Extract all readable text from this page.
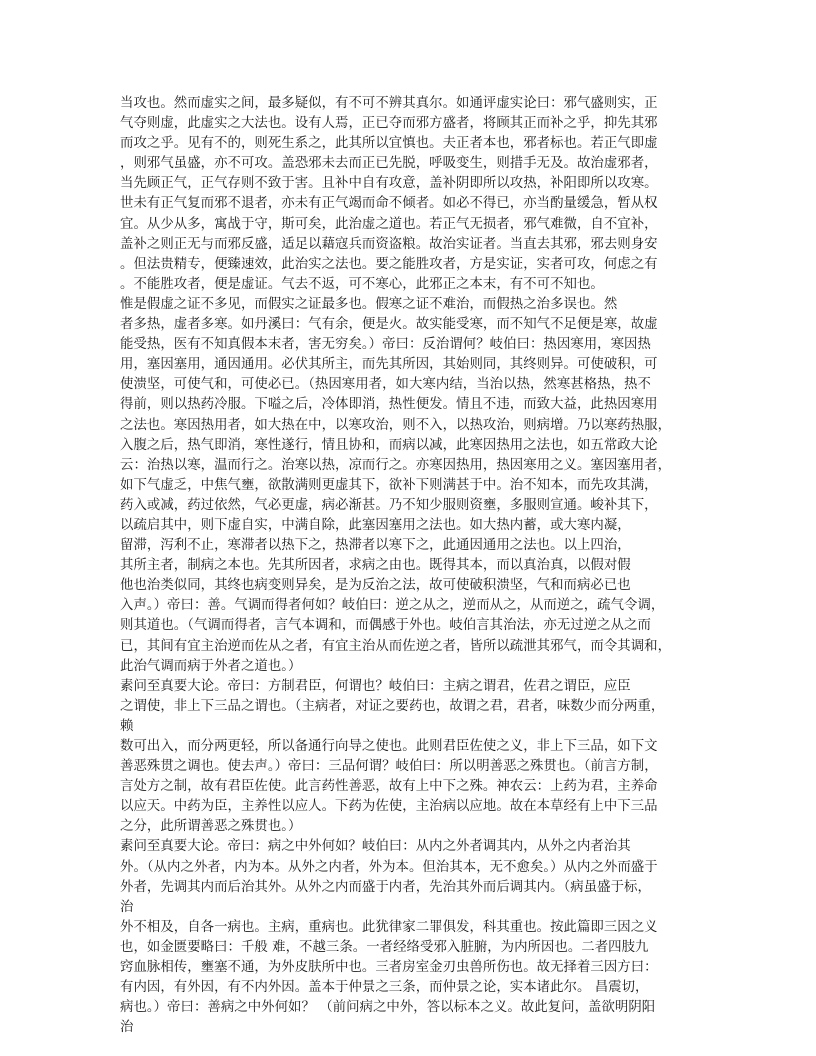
当攻也。然而虚实之间，最多疑似，有不可不辨其真尔。如通评虚实论曰：邪气盛则实，正
气夺则虚，此虚实之大法也。设有人焉，正已夺而邪方盛者，将顾其正而补之乎，抑先其邪
而攻之乎。见有不的，则死生系之，此其所以宜慎也。夫正者本也，邪者标也。若正气即虚
，则邪气虽盛，亦不可攻。盖恐邪未去而正已先脱，呼吸变生，则措手无及。故治虚邪者，
当先顾正气，正气存则不致于害。且补中自有攻意，盖补阴即所以攻热，补阳即所以攻寒。
世未有正气复而邪不退者，亦未有正气竭而命不倾者。如必不得已，亦当酌量缓急，暂从权
宜。从少从多，寓战于守，斯可矣，此治虚之道也。若正气无损者，邪气难微，自不宜补，
盖补之则正无与而邪反盛，适足以藉寇兵而资盗粮。故治实证者。当直去其邪，邪去则身安
。但法贵精专，便臻速效，此治实之法也。要之能胜攻者，方是实证，实者可攻，何虑之有
。不能胜攻者，便是虚证。气去不返，可不寒心，此邪正之本末，有不可不知也。
惟是假虚之证不多见，而假实之证最多也。假寒之证不难治，而假热之治多误也。然
者多热，虚者多寒。如丹溪曰：气有余，便是火。故实能受寒，而不知气不足便是寒，故虚
能受热，医有不知真假本末者，害无穷矣。）帝曰：反治谓何？岐伯曰：热因寒用，寒因热
用，塞因塞用，通因通用。必伏其所主，而先其所因，其始则同，其终则异。可使破积，可
使溃坚，可使气和，可使必已。（热因寒用者，如大寒内结，当治以热，然寒甚格热，热不
得前，则以热药冷服。下嗌之后，冷体即消，热性便发。情且不违，而致大益，此热因寒用
之法也。寒因热用者，如大热在中，以寒攻治，则不入，以热攻治，则病增。乃以寒药热服，
入腹之后，热气即消，寒性遂行，情且协和，而病以减，此寒因热用之法也，如五常政大论
云：治热以寒，温而行之。治寒以热，凉而行之。亦寒因热用，热因寒用之义。塞因塞用者，
如下气虚乏，中焦气壅，欲散满则更虚其下，欲补下则满甚于中。治不知本，而先攻其满，
药入或减，药过依然，气必更虚，病必渐甚。乃不知少服则资壅，多服则宣通。峻补其下，
以疏启其中，则下虚自实，中满自除，此塞因塞用之法也。如大热内蓄，或大寒内凝，
留滞，泻利不止，寒滞者以热下之，热滞者以寒下之，此通因通用之法也。以上四治，
其所主者，制病之本也。先其所因者，求病之由也。既得其本，而以真治真，以假对假
他也治类似同，其终也病变则异矣，是为反治之法，故可使破积溃坚，气和而病必已也
入声。）帝曰：善。气调而得者何如？岐伯曰：逆之从之，逆而从之，从而逆之，疏气令调，
则其道也。（气调而得者，言气本调和，而偶感于外也。岐伯言其治法，亦无过逆之从之而
已，其间有宜主治逆而佐从之者，有宜主治从而佐逆之者，皆所以疏泄其邪气，而令其调和，
此治气调而病于外者之道也。）
素问至真要大论。帝曰：方制君臣，何谓也？岐伯曰：主病之谓君，佐君之谓臣，应臣
之谓使，非上下三品之谓也。（主病者，对证之要药也，故谓之君，君者，味数少而分两重，
赖
数可出入，而分两更轻，所以备通行向导之使也。此则君臣佐使之义，非上下三品，如下文
善恶殊贯之调也。使去声。）帝曰：三品何谓？岐伯曰：所以明善恶之殊贯也。（前言方制，
言处方之制，故有君臣佐使。此言药性善恶，故有上中下之殊。神农云：上药为君，主养命
以应天。中药为臣，主养性以应人。下药为佐使，主治病以应地。故在本草经有上中下三品
之分，此所谓善恶之殊贯也。）
素问至真要大论。帝曰：病之中外何如？岐伯曰：从内之外者调其内，从外之内者治其
外。（从内之外者，内为本。从外之内者，外为本。但治其本，无不愈矣。）从内之外而盛于
外者，先调其内而后治其外。从外之内而盛于内者，先治其外而后调其内。（病虽盛于标，
治
外不相及，自各一病也。主病，重病也。此犹律家二罪俱发，科其重也。按此篇即三因之义
也，如金匮要略曰：千般 难，不越三条。一者经络受邪入脏腑，为内所因也。二者四肢九
窍血脉相传，壅塞不通，为外皮肤所中也。三者房室金刃虫兽所伤也。故无择着三因方曰：
有内因，有外因，有不内外因。盖本于仲景之三条，而仲景之论，实本诸此尔。 昌震切，
病也。）帝曰：善病之中外何如？ （前问病之中外，答以标本之义。故此复问，盖欲明阴阳
治
